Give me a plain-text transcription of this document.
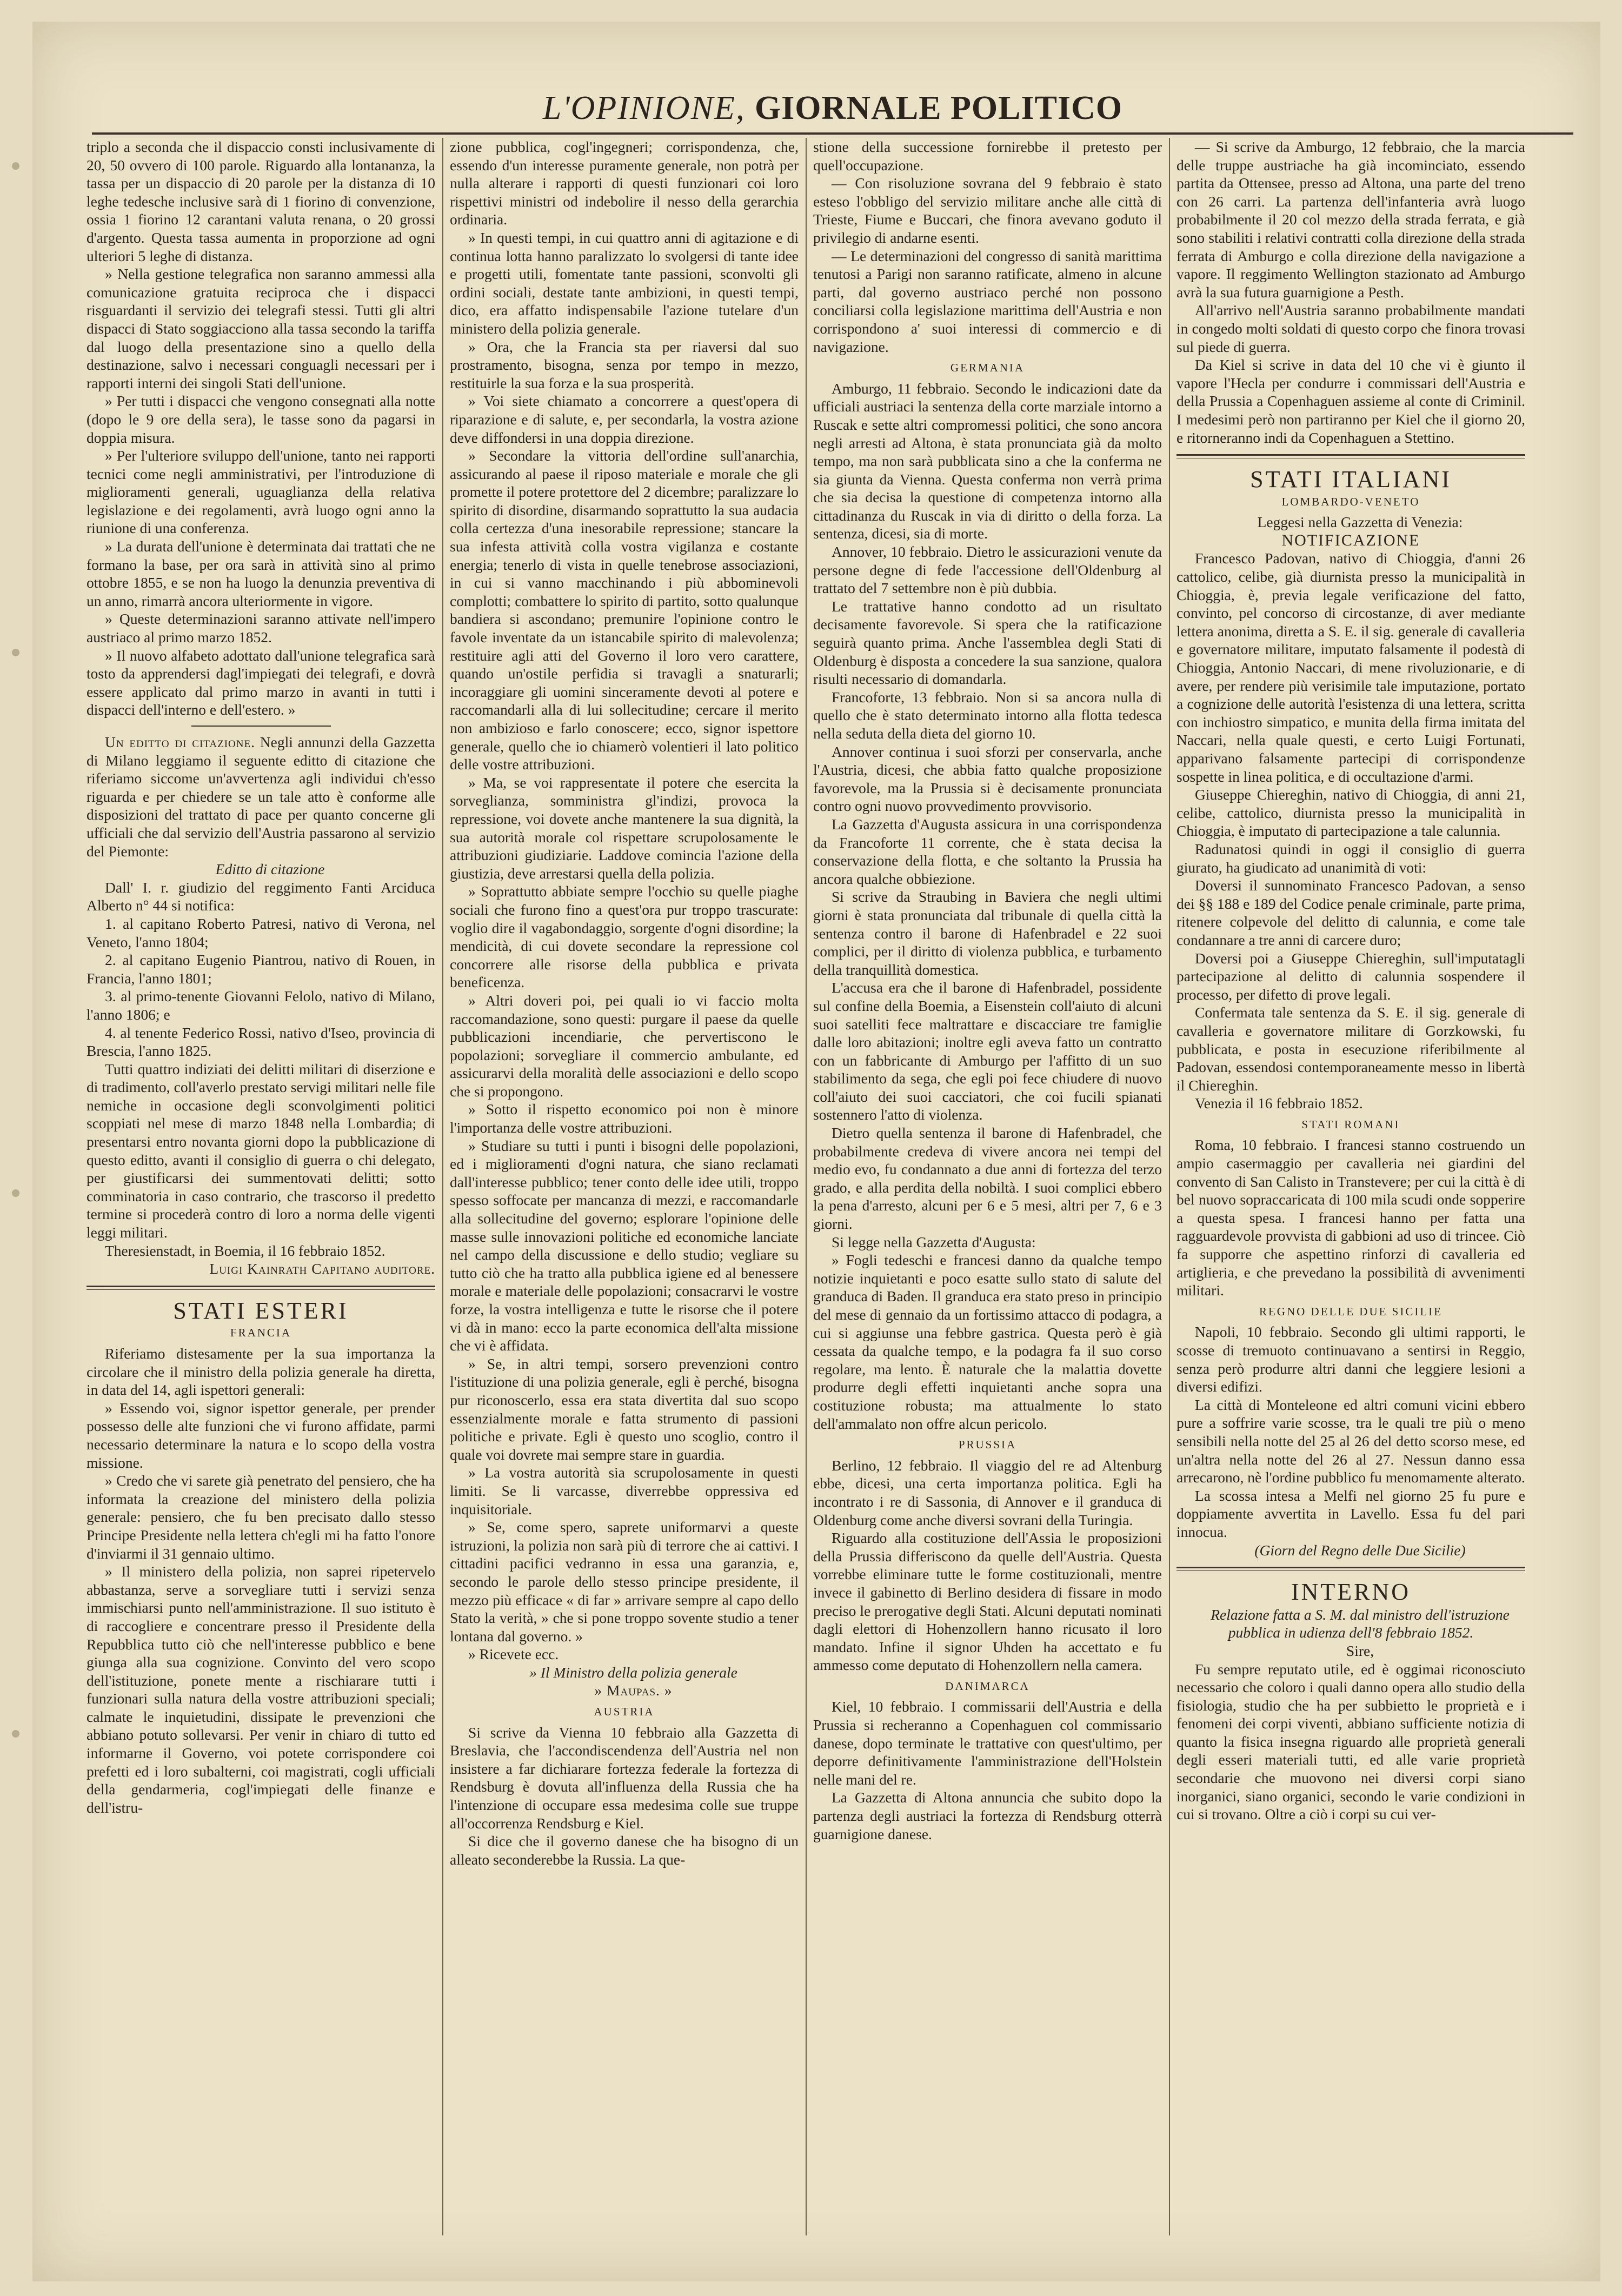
L'OPINIONE, GIORNALE POLITICO

triplo a seconda che il dispaccio consti inclusivamente di 20, 50 ovvero di 100 parole. Riguardo alla lontananza, la tassa per un dispaccio di 20 parole per la distanza di 10 leghe tedesche inclusive sarà di 1 fiorino di convenzione, ossia 1 fiorino 12 carantani valuta renana, o 20 grossi d'argento. Questa tassa aumenta in proporzione ad ogni ulteriori 5 leghe di distanza.

» Nella gestione telegrafica non saranno ammessi alla comunicazione gratuita reciproca che i dispacci risguardanti il servizio dei telegrafi stessi. Tutti gli altri dispacci di Stato soggiacciono alla tassa secondo la tariffa dal luogo della presentazione sino a quello della destinazione, salvo i necessari conguagli necessari per i rapporti interni dei singoli Stati dell'unione.

» Per tutti i dispacci che vengono consegnati alla notte (dopo le 9 ore della sera), le tasse sono da pagarsi in doppia misura.

» Per l'ulteriore sviluppo dell'unione, tanto nei rapporti tecnici come negli amministrativi, per l'introduzione di miglioramenti generali, uguaglianza della relativa legislazione e dei regolamenti, avrà luogo ogni anno la riunione di una conferenza.

» La durata dell'unione è determinata dai trattati che ne formano la base, per ora sarà in attività sino al primo ottobre 1855, e se non ha luogo la denunzia preventiva di un anno, rimarrà ancora ulteriormente in vigore.

» Queste determinazioni saranno attivate nell'impero austriaco al primo marzo 1852.

» Il nuovo alfabeto adottato dall'unione telegrafica sarà tosto da apprendersi dagl'impiegati dei telegrafi, e dovrà essere applicato dal primo marzo in avanti in tutti i dispacci dell'interno e dell'estero. »

Un editto di citazione. Negli annunzi della Gazzetta di Milano leggiamo il seguente editto di citazione che riferiamo siccome un'avvertenza agli individui ch'esso riguarda e per chiedere se un tale atto è conforme alle disposizioni del trattato di pace per quanto concerne gli ufficiali che dal servizio dell'Austria passarono al servizio del Piemonte:

Editto di citazione

Dall' I. r. giudizio del reggimento Fanti Arciduca Alberto n° 44 si notifica:

1. al capitano Roberto Patresi, nativo di Verona, nel Veneto, l'anno 1804;

2. al capitano Eugenio Piantrou, nativo di Rouen, in Francia, l'anno 1801;

3. al primo-tenente Giovanni Felolo, nativo di Milano, l'anno 1806; e

4. al tenente Federico Rossi, nativo d'Iseo, provincia di Brescia, l'anno 1825.

Tutti quattro indiziati dei delitti militari di diserzione e di tradimento, coll'averlo prestato servigi militari nelle file nemiche in occasione degli sconvolgimenti politici scoppiati nel mese di marzo 1848 nella Lombardia; di presentarsi entro novanta giorni dopo la pubblicazione di questo editto, avanti il consiglio di guerra o chi delegato, per giustificarsi dei summentovati delitti; sotto comminatoria in caso contrario, che trascorso il predetto termine si procederà contro di loro a norma delle vigenti leggi militari.

Theresienstadt, in Boemia, il 16 febbraio 1852.

Luigi Kainrath Capitano auditore.

STATI ESTERI
FRANCIA

Riferiamo distesamente per la sua importanza la circolare che il ministro della polizia generale ha diretta, in data del 14, agli ispettori generali:

» Essendo voi, signor ispettor generale, per prender possesso delle alte funzioni che vi furono affidate, parmi necessario determinare la natura e lo scopo della vostra missione.

» Credo che vi sarete già penetrato del pensiero, che ha informata la creazione del ministero della polizia generale: pensiero, che fu ben precisato dallo stesso Principe Presidente nella lettera ch'egli mi ha fatto l'onore d'inviarmi il 31 gennaio ultimo.

» Il ministero della polizia, non saprei ripetervelo abbastanza, serve a sorvegliare tutti i servizi senza immischiarsi punto nell'amministrazione. Il suo istituto è di raccogliere e concentrare presso il Presidente della Repubblica tutto ciò che nell'interesse pubblico e bene giunga alla sua cognizione. Convinto del vero scopo dell'istituzione, ponete mente a rischiarare tutti i funzionari sulla natura della vostre attribuzioni speciali; calmate le inquietudini, dissipate le prevenzioni che abbiano potuto sollevarsi. Per venir in chiaro di tutto ed informarne il Governo, voi potete corrispondere coi prefetti ed i loro subalterni, coi magistrati, cogli ufficiali della gendarmeria, cogl'impiegati delle finanze e dell'istru-

zione pubblica, cogl'ingegneri; corrispondenza, che, essendo d'un interesse puramente generale, non potrà per nulla alterare i rapporti di questi funzionari coi loro rispettivi ministri od indebolire il nesso della gerarchia ordinaria.

» In questi tempi, in cui quattro anni di agitazione e di continua lotta hanno paralizzato lo svolgersi di tante idee e progetti utili, fomentate tante passioni, sconvolti gli ordini sociali, destate tante ambizioni, in questi tempi, dico, era affatto indispensabile l'azione tutelare d'un ministero della polizia generale.

» Ora, che la Francia sta per riaversi dal suo prostramento, bisogna, senza por tempo in mezzo, restituirle la sua forza e la sua prosperità.

» Voi siete chiamato a concorrere a quest'opera di riparazione e di salute, e, per secondarla, la vostra azione deve diffondersi in una doppia direzione.

» Secondare la vittoria dell'ordine sull'anarchia, assicurando al paese il riposo materiale e morale che gli promette il potere protettore del 2 dicembre; paralizzare lo spirito di disordine, disarmando soprattutto la sua audacia colla certezza d'una inesorabile repressione; stancare la sua infesta attività colla vostra vigilanza e costante energia; tenerlo di vista in quelle tenebrose associazioni, in cui si vanno macchinando i più abbominevoli complotti; combattere lo spirito di partito, sotto qualunque bandiera si ascondano; premunire l'opinione contro le favole inventate da un istancabile spirito di malevolenza; restituire agli atti del Governo il loro vero carattere, quando un'ostile perfidia si travagli a snaturarli; incoraggiare gli uomini sinceramente devoti al potere e raccomandarli alla di lui sollecitudine; cercare il merito non ambizioso e farlo conoscere; ecco, signor ispettore generale, quello che io chiamerò volentieri il lato politico delle vostre attribuzioni.

» Ma, se voi rappresentate il potere che esercita la sorveglianza, somministra gl'indizi, provoca la repressione, voi dovete anche mantenere la sua dignità, la sua autorità morale col rispettare scrupolosamente le attribuzioni giudiziarie. Laddove comincia l'azione della giustizia, deve arrestarsi quella della polizia.

» Soprattutto abbiate sempre l'occhio su quelle piaghe sociali che furono fino a quest'ora pur troppo trascurate: voglio dire il vagabondaggio, sorgente d'ogni disordine; la mendicità, di cui dovete secondare la repressione col concorrere alle risorse della pubblica e privata beneficenza.

» Altri doveri poi, pei quali io vi faccio molta raccomandazione, sono questi: purgare il paese da quelle pubblicazioni incendiarie, che pervertiscono le popolazioni; sorvegliare il commercio ambulante, ed assicurarvi della moralità delle associazioni e dello scopo che si propongono.

» Sotto il rispetto economico poi non è minore l'importanza delle vostre attribuzioni.

» Studiare su tutti i punti i bisogni delle popolazioni, ed i miglioramenti d'ogni natura, che siano reclamati dall'interesse pubblico; tener conto delle idee utili, troppo spesso soffocate per mancanza di mezzi, e raccomandarle alla sollecitudine del governo; esplorare l'opinione delle masse sulle innovazioni politiche ed economiche lanciate nel campo della discussione e dello studio; vegliare su tutto ciò che ha tratto alla pubblica igiene ed al benessere morale e materiale delle popolazioni; consacrarvi le vostre forze, la vostra intelligenza e tutte le risorse che il potere vi dà in mano: ecco la parte economica dell'alta missione che vi è affidata.

» Se, in altri tempi, sorsero prevenzioni contro l'istituzione di una polizia generale, egli è perché, bisogna pur riconoscerlo, essa era stata divertita dal suo scopo essenzialmente morale e fatta strumento di passioni politiche e private. Egli è questo uno scoglio, contro il quale voi dovrete mai sempre stare in guardia.

» La vostra autorità sia scrupolosamente in questi limiti. Se li varcasse, diverrebbe oppressiva ed inquisitoriale.

» Se, come spero, saprete uniformarvi a queste istruzioni, la polizia non sarà più di terrore che ai cattivi. I cittadini pacifici vedranno in essa una garanzia, e, secondo le parole dello stesso principe presidente, il mezzo più efficace « di far » arrivare sempre al capo dello Stato la verità, » che si pone troppo sovente studio a tener lontana dal governo. »

» Ricevete ecc.

» Il Ministro della polizia generale

» Maupas. »

AUSTRIA

Si scrive da Vienna 10 febbraio alla Gazzetta di Breslavia, che l'accondiscendenza dell'Austria nel non insistere a far dichiarare fortezza federale la fortezza di Rendsburg è dovuta all'influenza della Russia che ha l'intenzione di occupare essa medesima colle sue truppe all'occorrenza Rendsburg e Kiel.

Si dice che il governo danese che ha bisogno di un alleato seconderebbe la Russia. La que-

stione della successione fornirebbe il pretesto per quell'occupazione.

— Con risoluzione sovrana del 9 febbraio è stato esteso l'obbligo del servizio militare anche alle città di Trieste, Fiume e Buccari, che finora avevano goduto il privilegio di andarne esenti.

— Le determinazioni del congresso di sanità marittima tenutosi a Parigi non saranno ratificate, almeno in alcune parti, dal governo austriaco perché non possono conciliarsi colla legislazione marittima dell'Austria e non corrispondono a' suoi interessi di commercio e di navigazione.

GERMANIA

Amburgo, 11 febbraio. Secondo le indicazioni date da ufficiali austriaci la sentenza della corte marziale intorno a Ruscak e sette altri compromessi politici, che sono ancora negli arresti ad Altona, è stata pronunciata già da molto tempo, ma non sarà pubblicata sino a che la conferma ne sia giunta da Vienna. Questa conferma non verrà prima che sia decisa la questione di competenza intorno alla cittadinanza du Ruscak in via di diritto o della forza. La sentenza, dicesi, sia di morte.

Annover, 10 febbraio. Dietro le assicurazioni venute da persone degne di fede l'accessione dell'Oldenburg al trattato del 7 settembre non è più dubbia.

Le trattative hanno condotto ad un risultato decisamente favorevole. Si spera che la ratificazione seguirà quanto prima. Anche l'assemblea degli Stati di Oldenburg è disposta a concedere la sua sanzione, qualora risulti necessario di domandarla.

Francoforte, 13 febbraio. Non si sa ancora nulla di quello che è stato determinato intorno alla flotta tedesca nella seduta della dieta del giorno 10.

Annover continua i suoi sforzi per conservarla, anche l'Austria, dicesi, che abbia fatto qualche proposizione favorevole, ma la Prussia si è decisamente pronunciata contro ogni nuovo provvedimento provvisorio.

La Gazzetta d'Augusta assicura in una corrispondenza da Francoforte 11 corrente, che è stata decisa la conservazione della flotta, e che soltanto la Prussia ha ancora qualche obbiezione.

Si scrive da Straubing in Baviera che negli ultimi giorni è stata pronunciata dal tribunale di quella città la sentenza contro il barone di Hafenbradel e 22 suoi complici, per il diritto di violenza pubblica, e turbamento della tranquillità domestica.

L'accusa era che il barone di Hafenbradel, possidente sul confine della Boemia, a Eisenstein coll'aiuto di alcuni suoi satelliti fece maltrattare e discacciare tre famiglie dalle loro abitazioni; inoltre egli aveva fatto un contratto con un fabbricante di Amburgo per l'affitto di un suo stabilimento da sega, che egli poi fece chiudere di nuovo coll'aiuto dei suoi cacciatori, che coi fucili spianati sostennero l'atto di violenza.

Dietro quella sentenza il barone di Hafenbradel, che probabilmente credeva di vivere ancora nei tempi del medio evo, fu condannato a due anni di fortezza del terzo grado, e alla perdita della nobiltà. I suoi complici ebbero la pena d'arresto, alcuni per 6 e 5 mesi, altri per 7, 6 e 3 giorni.

Si legge nella Gazzetta d'Augusta:

» Fogli tedeschi e francesi danno da qualche tempo notizie inquietanti e poco esatte sullo stato di salute del granduca di Baden. Il granduca era stato preso in principio del mese di gennaio da un fortissimo attacco di podagra, a cui si aggiunse una febbre gastrica. Questa però è già cessata da qualche tempo, e la podagra fa il suo corso regolare, ma lento. È naturale che la malattia dovette produrre degli effetti inquietanti anche sopra una costituzione robusta; ma attualmente lo stato dell'ammalato non offre alcun pericolo.

PRUSSIA

Berlino, 12 febbraio. Il viaggio del re ad Altenburg ebbe, dicesi, una certa importanza politica. Egli ha incontrato i re di Sassonia, di Annover e il granduca di Oldenburg come anche diversi sovrani della Turingia.

Riguardo alla costituzione dell'Assia le proposizioni della Prussia differiscono da quelle dell'Austria. Questa vorrebbe eliminare tutte le forme costituzionali, mentre invece il gabinetto di Berlino desidera di fissare in modo preciso le prerogative degli Stati. Alcuni deputati nominati dagli elettori di Hohenzollern hanno ricusato il loro mandato. Infine il signor Uhden ha accettato e fu ammesso come deputato di Hohenzollern nella camera.

DANIMARCA

Kiel, 10 febbraio. I commissarii dell'Austria e della Prussia si recheranno a Copenhaguen col commissario danese, dopo terminate le trattative con quest'ultimo, per deporre definitivamente l'amministrazione dell'Holstein nelle mani del re.

La Gazzetta di Altona annuncia che subito dopo la partenza degli austriaci la fortezza di Rendsburg otterrà guarnigione danese.

— Si scrive da Amburgo, 12 febbraio, che la marcia delle truppe austriache ha già incominciato, essendo partita da Ottensee, presso ad Altona, una parte del treno con 26 carri. La partenza dell'infanteria avrà luogo probabilmente il 20 col mezzo della strada ferrata, e già sono stabiliti i relativi contratti colla direzione della strada ferrata di Amburgo e colla direzione della navigazione a vapore. Il reggimento Wellington stazionato ad Amburgo avrà la sua futura guarnigione a Pesth.

All'arrivo nell'Austria saranno probabilmente mandati in congedo molti soldati di questo corpo che finora trovasi sul piede di guerra.

Da Kiel si scrive in data del 10 che vi è giunto il vapore l'Hecla per condurre i commissari dell'Austria e della Prussia a Copenhaguen assieme al conte di Criminil. I medesimi però non partiranno per Kiel che il giorno 20, e ritorneranno indi da Copenhaguen a Stettino.

STATI ITALIANI
LOMBARDO-VENETO

Leggesi nella Gazzetta di Venezia:

NOTIFICAZIONE

Francesco Padovan, nativo di Chioggia, d'anni 26 cattolico, celibe, già diurnista presso la municipalità in Chioggia, è, previa legale verificazione del fatto, convinto, pel concorso di circostanze, di aver mediante lettera anonima, diretta a S. E. il sig. generale di cavalleria e governatore militare, imputato falsamente il podestà di Chioggia, Antonio Naccari, di mene rivoluzionarie, e di avere, per rendere più verisimile tale imputazione, portato a cognizione delle autorità l'esistenza di una lettera, scritta con inchiostro simpatico, e munita della firma imitata del Naccari, nella quale questi, e certo Luigi Fortunati, apparivano falsamente partecipi di corrispondenze sospette in linea politica, e di occultazione d'armi.

Giuseppe Chiereghin, nativo di Chioggia, di anni 21, celibe, cattolico, diurnista presso la municipalità in Chioggia, è imputato di partecipazione a tale calunnia.

Radunatosi quindi in oggi il consiglio di guerra giurato, ha giudicato ad unanimità di voti:

Doversi il sunnominato Francesco Padovan, a senso dei §§ 188 e 189 del Codice penale criminale, parte prima, ritenere colpevole del delitto di calunnia, e come tale condannare a tre anni di carcere duro;

Doversi poi a Giuseppe Chiereghin, sull'imputatagli partecipazione al delitto di calunnia sospendere il processo, per difetto di prove legali.

Confermata tale sentenza da S. E. il sig. generale di cavalleria e governatore militare di Gorzkowski, fu pubblicata, e posta in esecuzione riferibilmente al Padovan, essendosi contemporaneamente messo in libertà il Chiereghin.

Venezia il 16 febbraio 1852.

STATI ROMANI

Roma, 10 febbraio. I francesi stanno costruendo un ampio casermaggio per cavalleria nei giardini del convento di San Calisto in Transtevere; per cui la città è di bel nuovo sopraccaricata di 100 mila scudi onde sopperire a questa spesa. I francesi hanno per fatta una ragguardevole provvista di gabbioni ad uso di trincee. Ciò fa supporre che aspettino rinforzi di cavalleria ed artiglieria, e che prevedano la possibilità di avvenimenti militari.

REGNO DELLE DUE SICILIE

Napoli, 10 febbraio. Secondo gli ultimi rapporti, le scosse di tremuoto continuavano a sentirsi in Reggio, senza però produrre altri danni che leggiere lesioni a diversi edifizi.

La città di Monteleone ed altri comuni vicini ebbero pure a soffrire varie scosse, tra le quali tre più o meno sensibili nella notte del 25 al 26 del detto scorso mese, ed un'altra nella notte del 26 al 27. Nessun danno essa arrecarono, nè l'ordine pubblico fu menomamente alterato.

La scossa intesa a Melfi nel giorno 25 fu pure e doppiamente avvertita in Lavello. Essa fu del pari innocua.

(Giorn del Regno delle Due Sicilie)

INTERNO

Relazione fatta a S. M. dal ministro dell'istruzione pubblica in udienza dell'8 febbraio 1852.

Sire,

Fu sempre reputato utile, ed è oggimai riconosciuto necessario che coloro i quali danno opera allo studio della fisiologia, studio che ha per subbietto le proprietà e i fenomeni dei corpi viventi, abbiano sufficiente notizia di quanto la fisica insegna riguardo alle proprietà generali degli esseri materiali tutti, ed alle varie proprietà secondarie che muovono nei diversi corpi siano inorganici, siano organici, secondo le varie condizioni in cui si trovano. Oltre a ciò i corpi su cui ver-
